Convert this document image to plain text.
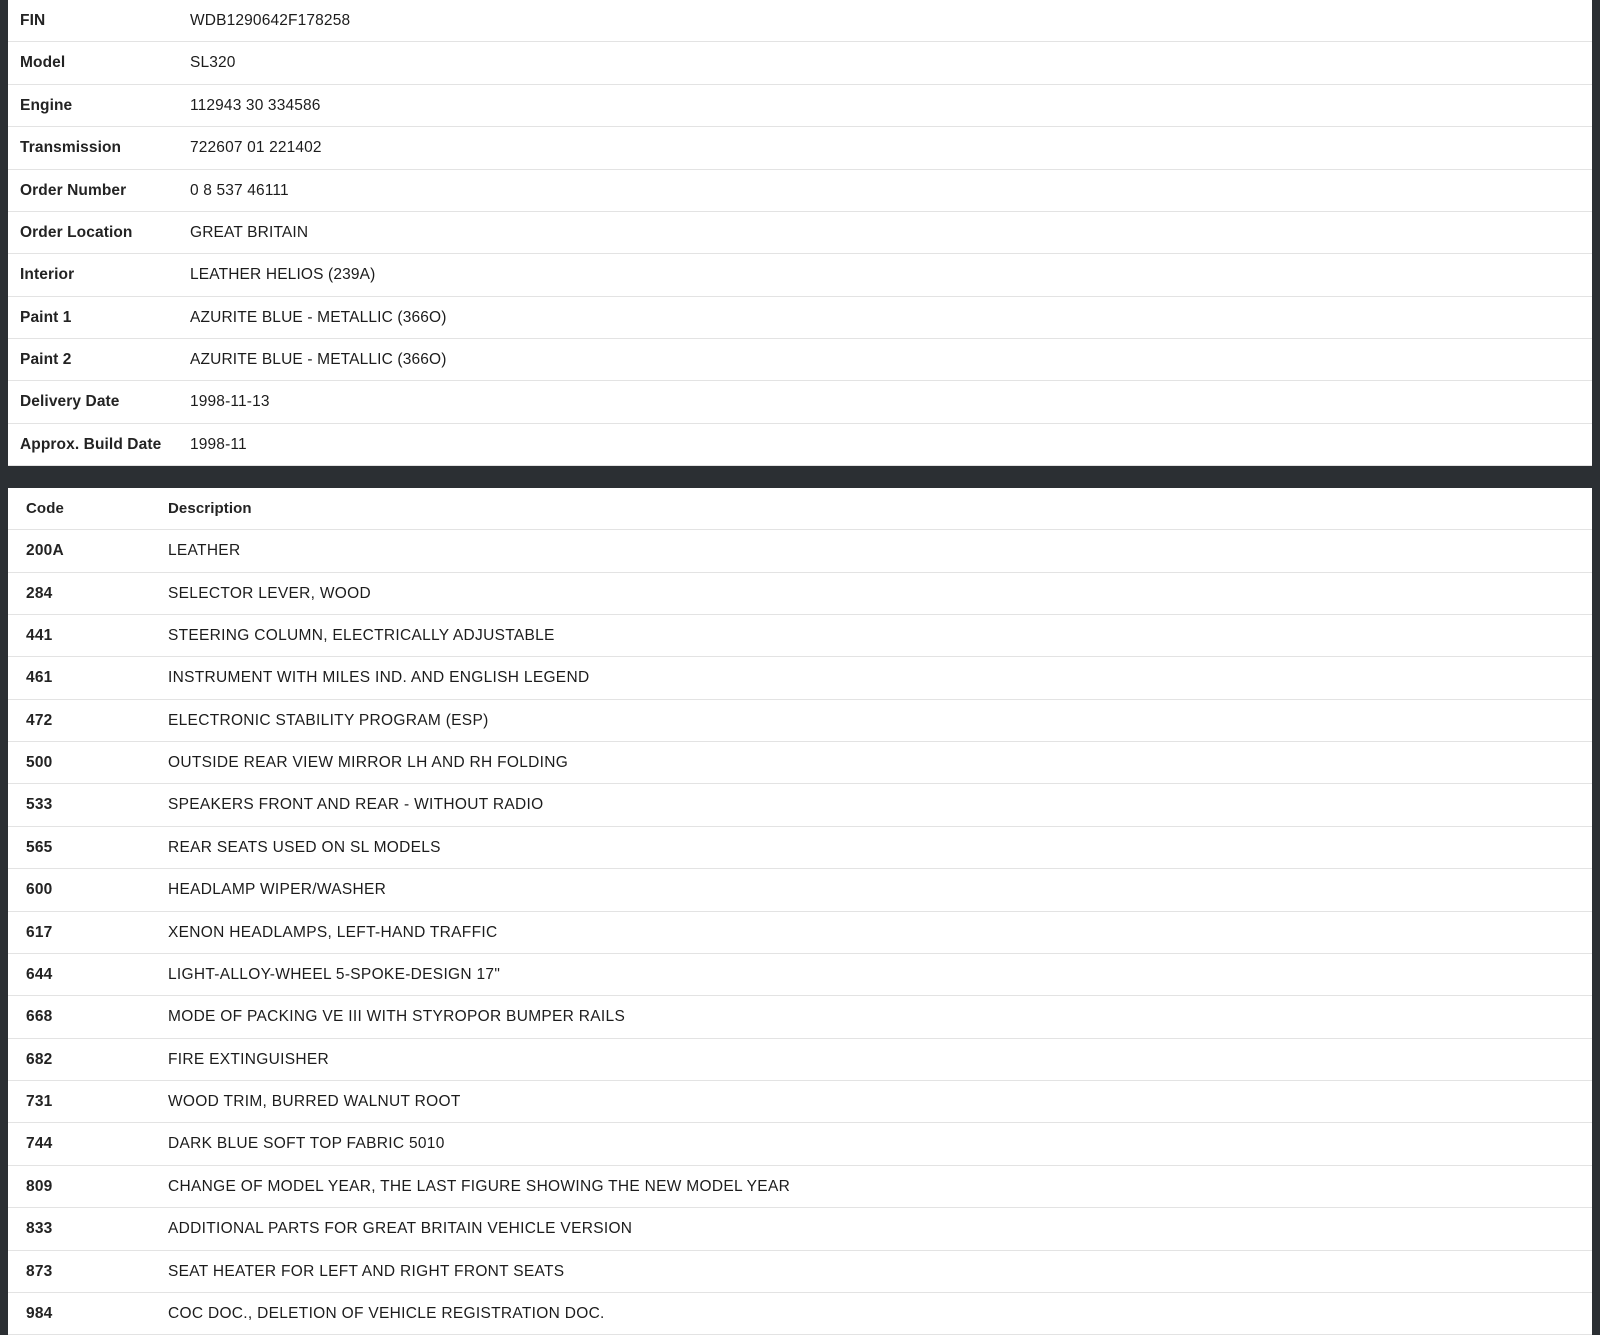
FIN	WDB1290642F178258
Model	SL320
Engine	112943 30 334586
Transmission	722607 01 221402
Order Number	0 8 537 46111
Order Location	GREAT BRITAIN
Interior	LEATHER HELIOS (239A)
Paint 1	AZURITE BLUE - METALLIC (366O)
Paint 2	AZURITE BLUE - METALLIC (366O)
Delivery Date	1998-11-13
Approx. Build Date	1998-11
Code	Description
200A	LEATHER
284	SELECTOR LEVER, WOOD
441	STEERING COLUMN, ELECTRICALLY ADJUSTABLE
461	INSTRUMENT WITH MILES IND. AND ENGLISH LEGEND
472	ELECTRONIC STABILITY PROGRAM (ESP)
500	OUTSIDE REAR VIEW MIRROR LH AND RH FOLDING
533	SPEAKERS FRONT AND REAR - WITHOUT RADIO
565	REAR SEATS USED ON SL MODELS
600	HEADLAMP WIPER/WASHER
617	XENON HEADLAMPS, LEFT-HAND TRAFFIC
644	LIGHT-ALLOY-WHEEL 5-SPOKE-DESIGN 17"
668	MODE OF PACKING VE III WITH STYROPOR BUMPER RAILS
682	FIRE EXTINGUISHER
731	WOOD TRIM, BURRED WALNUT ROOT
744	DARK BLUE SOFT TOP FABRIC 5010
809	CHANGE OF MODEL YEAR, THE LAST FIGURE SHOWING THE NEW MODEL YEAR
833	ADDITIONAL PARTS FOR GREAT BRITAIN VEHICLE VERSION
873	SEAT HEATER FOR LEFT AND RIGHT FRONT SEATS
984	COC DOC., DELETION OF VEHICLE REGISTRATION DOC.
